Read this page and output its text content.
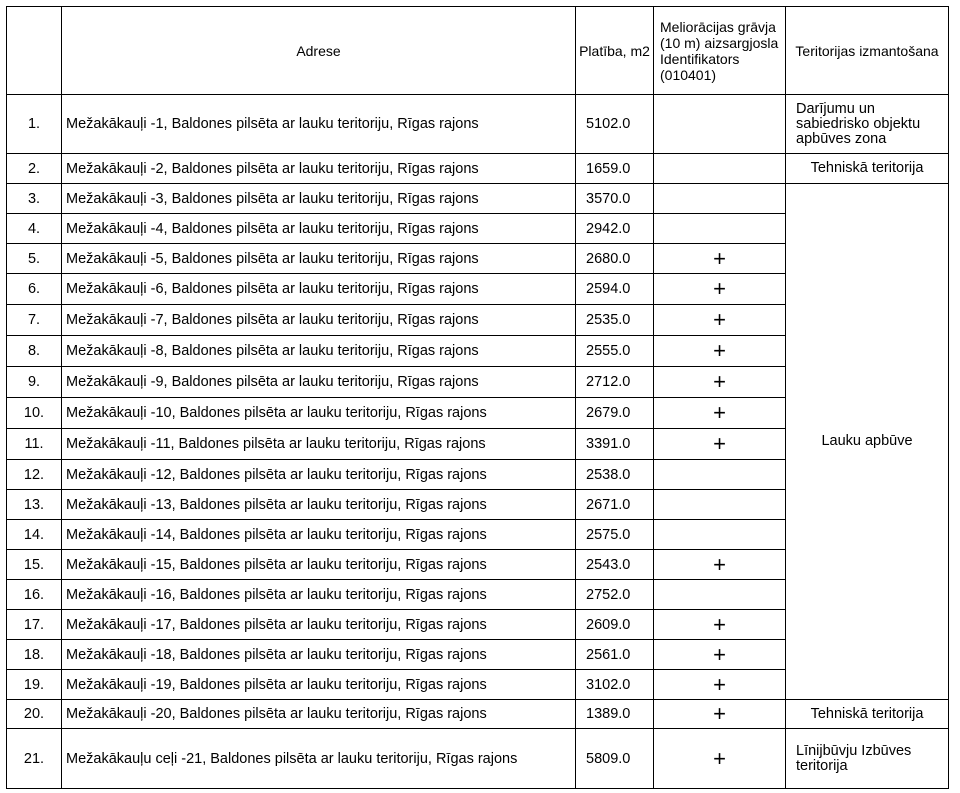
	Adrese	Platība, m2	Meliorācijas grāvja (10 m) aizsargjosla Identifikators (010401)	Teritorijas izmantošana
1.	Mežakākauļi -1, Baldones pilsēta ar lauku teritoriju, Rīgas rajons	5102.0		Darījumu un sabiedrisko objektu apbūves zona
2.	Mežakākauļi -2, Baldones pilsēta ar lauku teritoriju, Rīgas rajons	1659.0		Tehniskā teritorija
3.	Mežakākauļi -3, Baldones pilsēta ar lauku teritoriju, Rīgas rajons	3570.0		Lauku apbūve
4.	Mežakākauļi -4, Baldones pilsēta ar lauku teritoriju, Rīgas rajons	2942.0		
5.	Mežakākauļi -5, Baldones pilsēta ar lauku teritoriju, Rīgas rajons	2680.0	+	
6.	Mežakākauļi -6, Baldones pilsēta ar lauku teritoriju, Rīgas rajons	2594.0	+	
7.	Mežakākauļi -7, Baldones pilsēta ar lauku teritoriju, Rīgas rajons	2535.0	+	
8.	Mežakākauļi -8, Baldones pilsēta ar lauku teritoriju, Rīgas rajons	2555.0	+	
9.	Mežakākauļi -9, Baldones pilsēta ar lauku teritoriju, Rīgas rajons	2712.0	+	
10.	Mežakākauļi -10, Baldones pilsēta ar lauku teritoriju, Rīgas rajons	2679.0	+	
11.	Mežakākauļi -11, Baldones pilsēta ar lauku teritoriju, Rīgas rajons	3391.0	+	
12.	Mežakākauļi -12, Baldones pilsēta ar lauku teritoriju, Rīgas rajons	2538.0		
13.	Mežakākauļi -13, Baldones pilsēta ar lauku teritoriju, Rīgas rajons	2671.0		
14.	Mežakākauļi -14, Baldones pilsēta ar lauku teritoriju, Rīgas rajons	2575.0		
15.	Mežakākauļi -15, Baldones pilsēta ar lauku teritoriju, Rīgas rajons	2543.0	+	
16.	Mežakākauļi -16, Baldones pilsēta ar lauku teritoriju, Rīgas rajons	2752.0		
17.	Mežakākauļi -17, Baldones pilsēta ar lauku teritoriju, Rīgas rajons	2609.0	+	
18.	Mežakākauļi -18, Baldones pilsēta ar lauku teritoriju, Rīgas rajons	2561.0	+	
19.	Mežakākauļi -19, Baldones pilsēta ar lauku teritoriju, Rīgas rajons	3102.0	+	
20.	Mežakākauļi -20, Baldones pilsēta ar lauku teritoriju, Rīgas rajons	1389.0	+	Tehniskā teritorija
21.	Mežakākauļu ceļi -21, Baldones pilsēta ar lauku teritoriju, Rīgas rajons	5809.0	+	Līnijbūvju Izbūves teritorija
